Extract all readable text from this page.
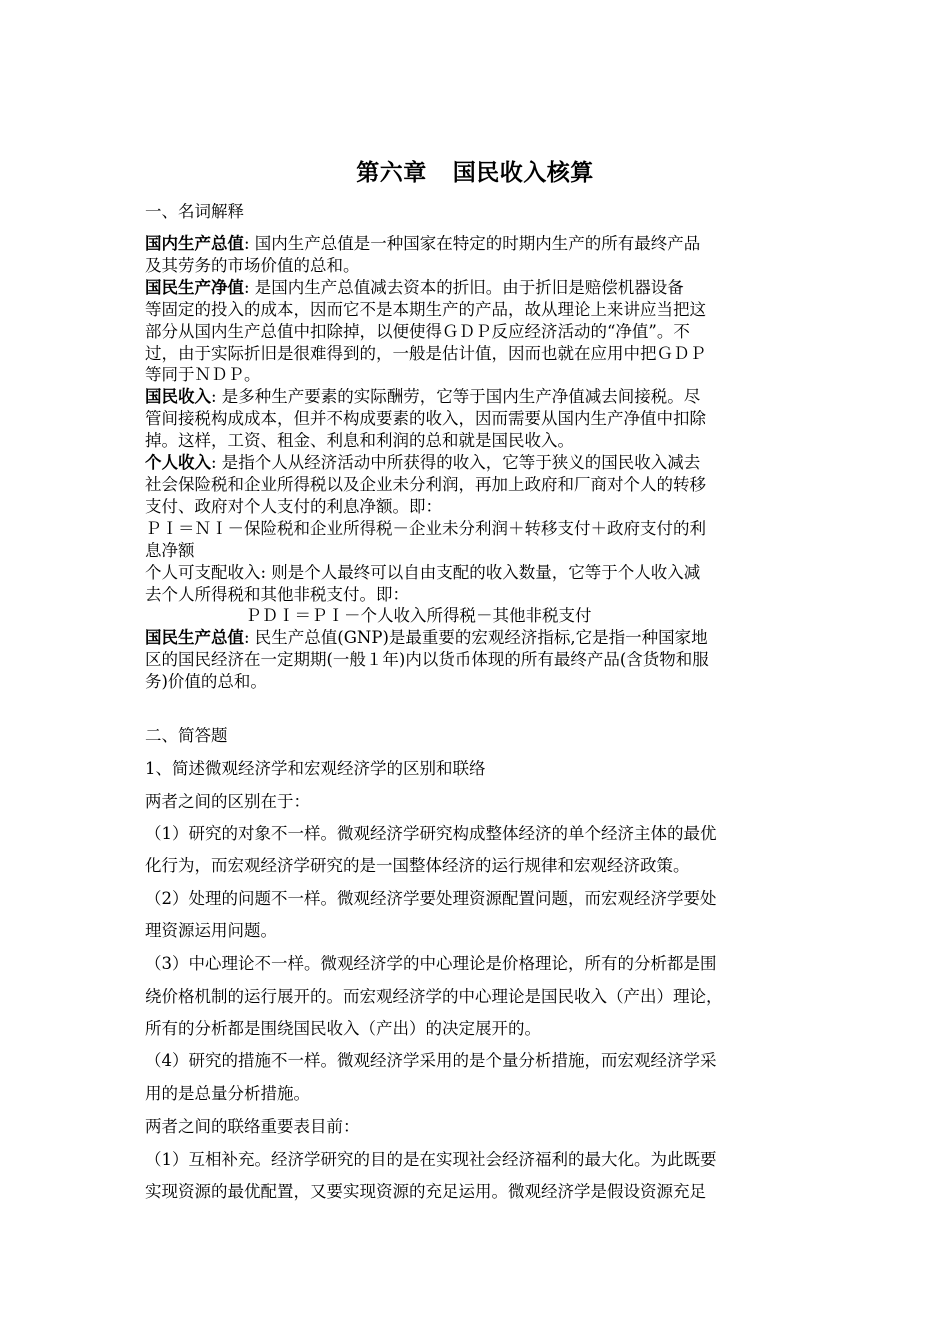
第六章 国民收入核算
一、名词解释
国内生产总值: 国内生产总值是一种国家在特定的时期内生产的所有最终产品
及其劳务的市场价值的总和。
国民生产净值: 是国内生产总值减去资本的折旧。由于折旧是赔偿机器设备
等固定的投入的成本，因而它不是本期生产的产品，故从理论上来讲应当把这
部分从国内生产总值中扣除掉，以便使得ＧＤＰ反应经济活动的“净值”。不
过，由于实际折旧是很难得到的，一般是估计值，因而也就在应用中把ＧＤＰ
等同于ＮＤＰ。
国民收入: 是多种生产要素的实际酬劳，它等于国内生产净值减去间接税。尽
管间接税构成成本，但并不构成要素的收入，因而需要从国内生产净值中扣除
掉。这样，工资、租金、利息和利润的总和就是国民收入。
个人收入: 是指个人从经济活动中所获得的收入，它等于狭义的国民收入减去
社会保险税和企业所得税以及企业未分利润，再加上政府和厂商对个人的转移
支付、政府对个人支付的利息净额。即：
ＰＩ＝ＮＩ－保险税和企业所得税－企业未分利润＋转移支付＋政府支付的利
息净额
个人可支配收入: 则是个人最终可以自由支配的收入数量，它等于个人收入减
去个人所得税和其他非税支付。即：
ＰＤＩ＝ＰＩ－个人收入所得税－其他非税支付
国民生产总值: 民生产总值(GNP)是最重要的宏观经济指标,它是指一种国家地
区的国民经济在一定期期(一般１年)内以货币体现的所有最终产品(含货物和服
务)价值的总和。
二、简答题
1、简述微观经济学和宏观经济学的区别和联络
两者之间的区别在于：
（1）研究的对象不一样。微观经济学研究构成整体经济的单个经济主体的最优
化行为，而宏观经济学研究的是一国整体经济的运行规律和宏观经济政策。
（2）处理的问题不一样。微观经济学要处理资源配置问题，而宏观经济学要处
理资源运用问题。
（3）中心理论不一样。微观经济学的中心理论是价格理论，所有的分析都是围
绕价格机制的运行展开的。而宏观经济学的中心理论是国民收入（产出）理论，
所有的分析都是围绕国民收入（产出）的决定展开的。
（4）研究的措施不一样。微观经济学采用的是个量分析措施，而宏观经济学采
用的是总量分析措施。
两者之间的联络重要表目前：
（1）互相补充。经济学研究的目的是在实现社会经济福利的最大化。为此既要
实现资源的最优配置，又要实现资源的充足运用。微观经济学是假设资源充足
